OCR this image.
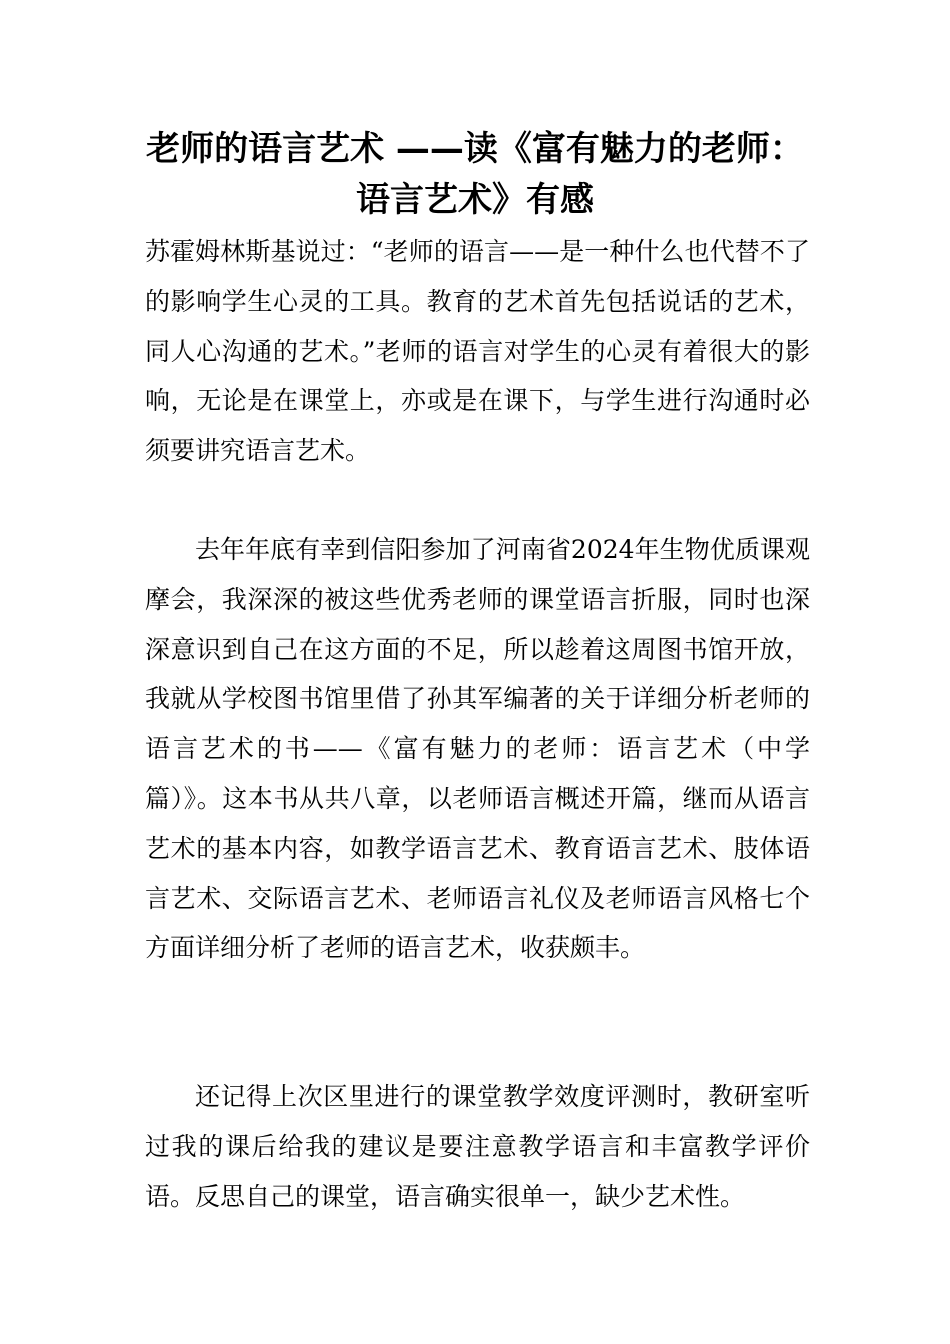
老师的语言艺术 ——读《富有魅力的老师：语言艺术》有感

苏霍姆林斯基说过：“老师的语言——是一种什么也代替不了的影响学生心灵的工具。教育的艺术首先包括说话的艺术，同人心沟通的艺术。”老师的语言对学生的心灵有着很大的影响，无论是在课堂上，亦或是在课下，与学生进行沟通时必须要讲究语言艺术。

去年年底有幸到信阳参加了河南省2024年生物优质课观摩会，我深深的被这些优秀老师的课堂语言折服，同时也深深意识到自己在这方面的不足，所以趁着这周图书馆开放，我就从学校图书馆里借了孙其军编著的关于详细分析老师的语言艺术的书——《富有魅力的老师：语言艺术（中学篇）》。这本书从共八章，以老师语言概述开篇，继而从语言艺术的基本内容，如教学语言艺术、教育语言艺术、肢体语言艺术、交际语言艺术、老师语言礼仪及老师语言风格七个方面详细分析了老师的语言艺术，收获颇丰。

还记得上次区里进行的课堂教学效度评测时，教研室听过我的课后给我的建议是要注意教学语言和丰富教学评价语。反思自己的课堂，语言确实很单一，缺少艺术性。
